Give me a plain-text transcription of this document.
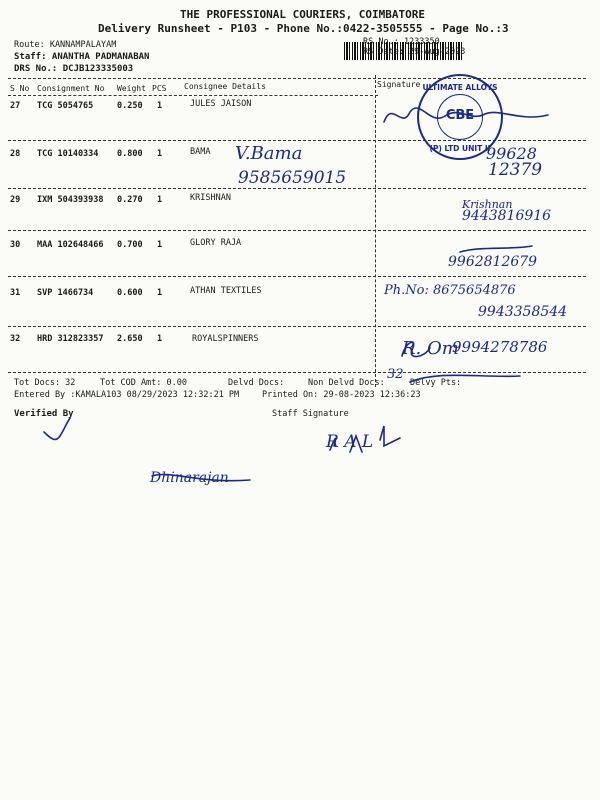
THE PROFESSIONAL COURIERS, COIMBATORE
Delivery Runsheet - P103 - Phone No.:0422-3505555 - Page No.:3
Route: KANNAMPALAYAM
Staff: ANANTHA PADMANABAN
DRS No.: DCJB123335003
RS No.: 1233350
RS Date: 29-Aug-2023
S No Consignment No Weight PCS Consignee Details	Signature
27 TCG 5054765	0.250 1	JULES JAISON
28 TCG 10140334 0.800 1	BAMA
29 IXM 504393938 0.270 1	KRISHNAN
30 MAA 102648466 0.700 1	GLORY RAJA
31 SVP 1466734	0.600 1	ATHAN TEXTILES
32 HRD 312823357 2.650 1	ROYALSPINNERS
Tot Docs: 32	Tot COD Amt: 0.00	Delvd Docs:	Non Delvd Docs:	Delvy Pts:
Entered By :KAMALA103 08/29/2023 12:32:21 PM	Printed On: 29-08-2023 12:36:23
Verified By	Staff Signature
ULTIMATE ALLOYS
CBE
(P) LTD UNIT II
V.Bama
9585659015
99628
12379
Krishnan
9443816916
9962812679
Ph.No: 8675654876
9943358544
R. Om
9994278786
32
R A L
Dhinarajan
